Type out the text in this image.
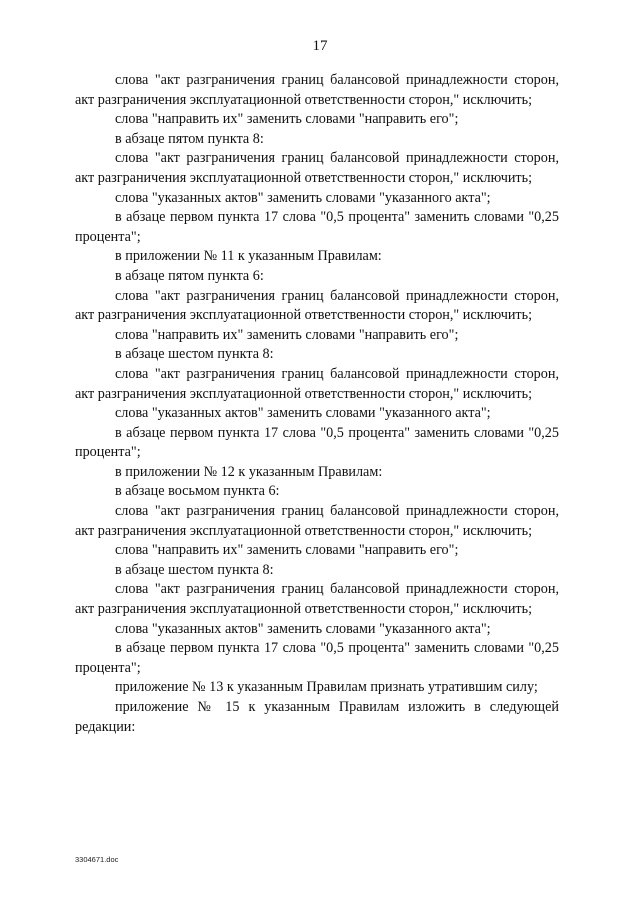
17

слова "акт разграничения границ балансовой принадлежности сторон, акт разграничения эксплуатационной ответственности сторон," исключить;

слова "направить их" заменить словами "направить его";

в абзаце пятом пункта 8:

слова "акт разграничения границ балансовой принадлежности сторон, акт разграничения эксплуатационной ответственности сторон," исключить;

слова "указанных актов" заменить словами "указанного акта";

в абзаце первом пункта 17 слова "0,5 процента" заменить словами "0,25 процента";

в приложении № 11 к указанным Правилам:

в абзаце пятом пункта 6:

слова "акт разграничения границ балансовой принадлежности сторон, акт разграничения эксплуатационной ответственности сторон," исключить;

слова "направить их" заменить словами "направить его";

в абзаце шестом пункта 8:

слова "акт разграничения границ балансовой принадлежности сторон, акт разграничения эксплуатационной ответственности сторон," исключить;

слова "указанных актов" заменить словами "указанного акта";

в абзаце первом пункта 17 слова "0,5 процента" заменить словами "0,25 процента";

в приложении № 12 к указанным Правилам:

в абзаце восьмом пункта 6:

слова "акт разграничения границ балансовой принадлежности сторон, акт разграничения эксплуатационной ответственности сторон," исключить;

слова "направить их" заменить словами "направить его";

в абзаце шестом пункта 8:

слова "акт разграничения границ балансовой принадлежности сторон, акт разграничения эксплуатационной ответственности сторон," исключить;

слова "указанных актов" заменить словами "указанного акта";

в абзаце первом пункта 17 слова "0,5 процента" заменить словами "0,25 процента";

приложение № 13 к указанным Правилам признать утратившим силу;

приложение № 15 к указанным Правилам изложить в следующей редакции:

3304671.doc
